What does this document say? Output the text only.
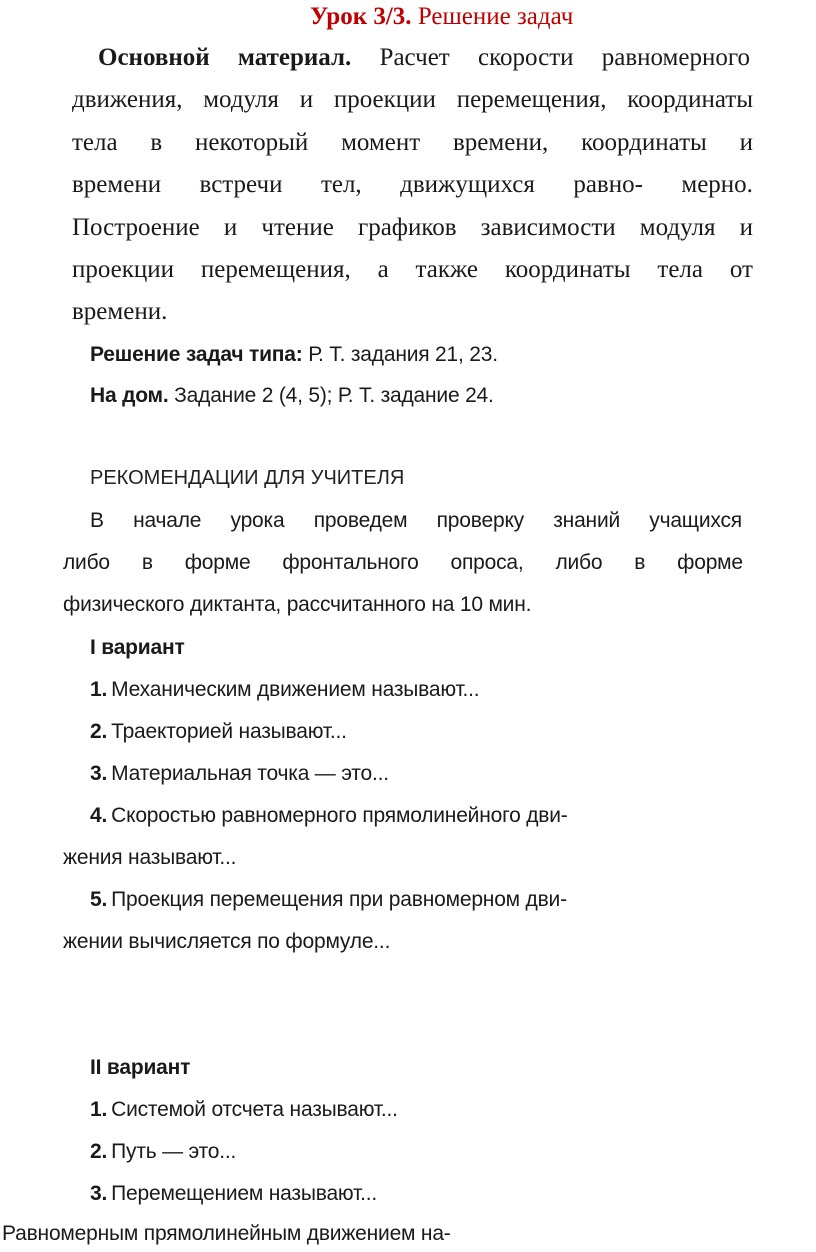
Урок 3/3. Решение задач
Основной материал. Расчет скорости равномерного
движения, модуля и проекции перемещения, координаты
тела в некоторый момент времени, координаты и
времени встречи тел, движущихся равно- мерно.
Построение и чтение графиков зависимости модуля и
проекции перемещения, а также координаты тела от
времени.
Решение задач типа: Р. Т. задания 21, 23.
На дом. Задание 2 (4, 5); Р. Т. задание 24.
РЕКОМЕНДАЦИИ ДЛЯ УЧИТЕЛЯ
В начале урока проведем проверку знаний учащихся
либо в форме фронтального опроса, либо в форме
физического диктанта, рассчитанного на 10 мин.
I вариант
1. Механическим движением называют...
2. Траекторией называют...
3. Материальная точка — это...
4. Скоростью равномерного прямолинейного дви-
жения называют...
5. Проекция перемещения при равномерном дви-
жении вычисляется по формуле...
II вариант
1. Системой отсчета называют...
2. Путь — это...
3. Перемещением называют...
Равномерным прямолинейным движением на-
